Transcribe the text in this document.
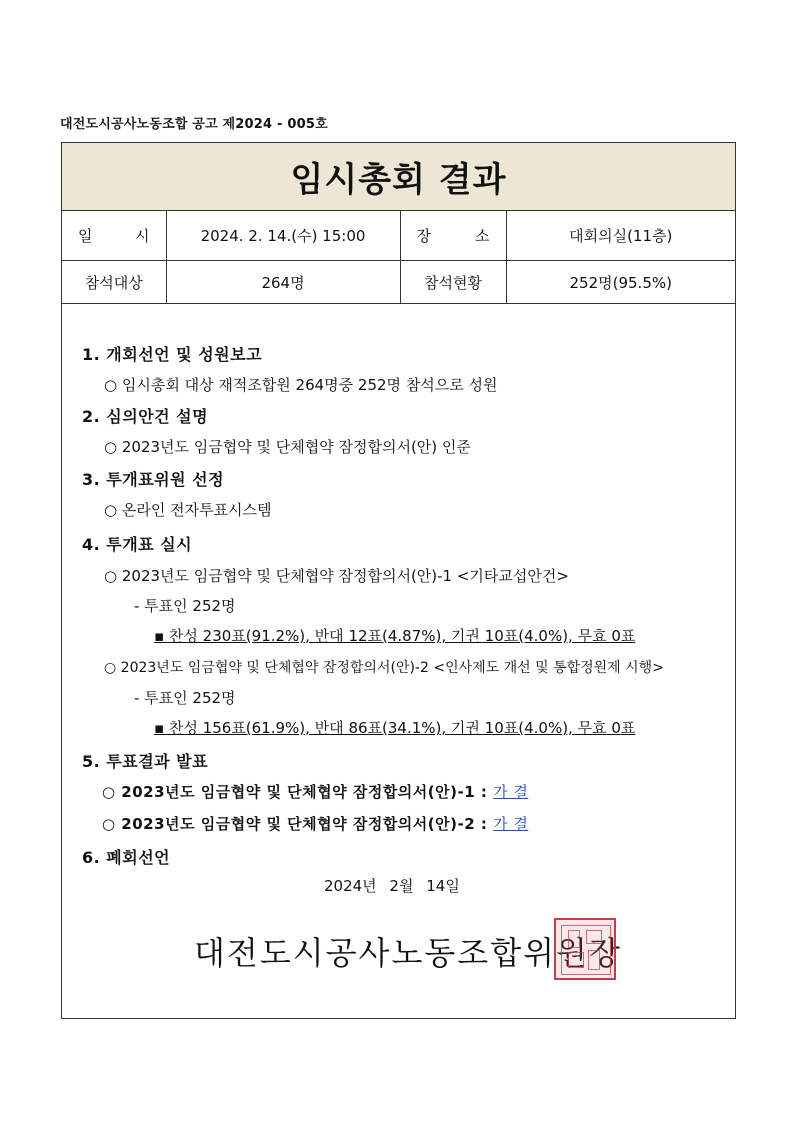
대전도시공사노동조합 공고 제2024 - 005호
임시총회 결과
일 시	2024. 2. 14.(수) 15:00	장 소	대회의실(11층)
참석대상	264명	참석현황	252명(95.5%)
1. 개회선언 및 성원보고
○ 임시총회 대상 재적조합원 264명중 252명 참석으로 성원
2. 심의안건 설명
○ 2023년도 임금협약 및 단체협약 잠정합의서(안) 인준
3. 투개표위원 선정
○ 온라인 전자투표시스템
4. 투개표 실시
○ 2023년도 임금협약 및 단체협약 잠정합의서(안)-1 <기타교섭안건>
- 투표인 252명
▪ 찬성 230표(91.2%), 반대 12표(4.87%), 기권 10표(4.0%), 무효 0표
○ 2023년도 임금협약 및 단체협약 잠정합의서(안)-2 <인사제도 개선 및 통합정원제 시행>
- 투표인 252명
▪ 찬성 156표(61.9%), 반대 86표(34.1%), 기권 10표(4.0%), 무효 0표
5. 투표결과 발표
○ 2023년도 임금협약 및 단체협약 잠정합의서(안)-1 : 가 결
○ 2023년도 임금협약 및 단체협약 잠정합의서(안)-2 : 가 결
6. 폐회선언
2024년 2월 14일
대전도시공사노동조합위원장
